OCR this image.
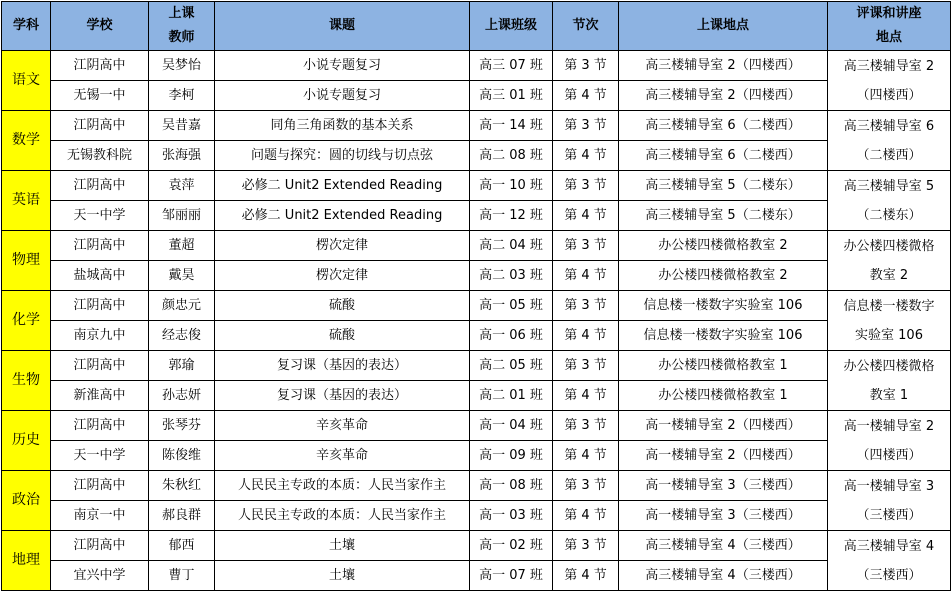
学科	学校	上课
教师	课题	上课班级	节次	上课地点	评课和讲座
地点
语文	江阴高中	吴梦怡	小说专题复习	高三 07 班	第 3 节	高三楼辅导室 2（四楼西）	高三楼辅导室 2
（四楼西）
	无锡一中	李柯	小说专题复习	高三 01 班	第 4 节	高三楼辅导室 2（四楼西）	
数学	江阴高中	吴昔嘉	同角三角函数的基本关系	高一 14 班	第 3 节	高三楼辅导室 6（二楼西）	高三楼辅导室 6
（二楼西）
	无锡教科院	张海强	问题与探究：圆的切线与切点弦	高二 08 班	第 4 节	高三楼辅导室 6（二楼西）	
英语	江阴高中	袁萍	必修二 Unit2 Extended Reading	高一 10 班	第 3 节	高三楼辅导室 5（二楼东）	高三楼辅导室 5
（二楼东）
	天一中学	邹丽丽	必修二 Unit2 Extended Reading	高一 12 班	第 4 节	高三楼辅导室 5（二楼东）	
物理	江阴高中	董超	楞次定律	高二 04 班	第 3 节	办公楼四楼微格教室 2	办公楼四楼微格
教室 2
	盐城高中	戴昊	楞次定律	高二 03 班	第 4 节	办公楼四楼微格教室 2	
化学	江阴高中	颜忠元	硫酸	高一 05 班	第 3 节	信息楼一楼数字实验室 106	信息楼一楼数字
实验室 106
	南京九中	经志俊	硫酸	高一 06 班	第 4 节	信息楼一楼数字实验室 106	
生物	江阴高中	郭瑜	复习课（基因的表达）	高二 05 班	第 3 节	办公楼四楼微格教室 1	办公楼四楼微格
教室 1
	新淮高中	孙志妍	复习课（基因的表达）	高二 01 班	第 4 节	办公楼四楼微格教室 1	
历史	江阴高中	张琴芬	辛亥革命	高一 04 班	第 3 节	高一楼辅导室 2（四楼西）	高一楼辅导室 2
（四楼西）
	天一中学	陈俊维	辛亥革命	高一 09 班	第 4 节	高一楼辅导室 2（四楼西）	
政治	江阴高中	朱秋红	人民民主专政的本质：人民当家作主	高一 08 班	第 3 节	高一楼辅导室 3（三楼西）	高一楼辅导室 3
（三楼西）
	南京一中	郝良群	人民民主专政的本质：人民当家作主	高一 03 班	第 4 节	高一楼辅导室 3（三楼西）	
地理	江阴高中	郁西	土壤	高一 02 班	第 3 节	高三楼辅导室 4（三楼西）	高三楼辅导室 4
（三楼西）
	宜兴中学	曹丁	土壤	高一 07 班	第 4 节	高三楼辅导室 4（三楼西）	
